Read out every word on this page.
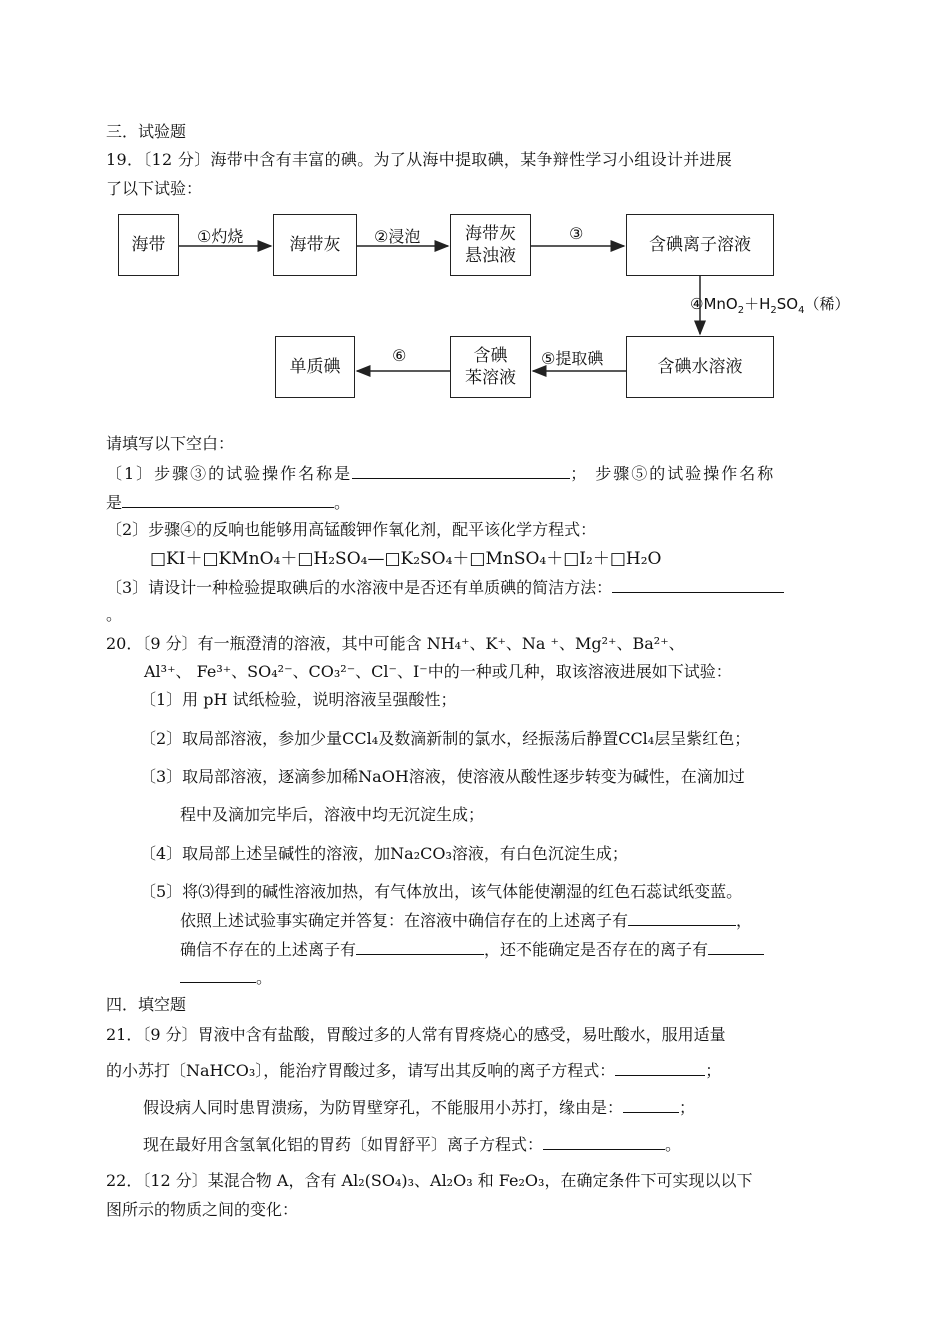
三．试验题
19．〔12 分〕海带中含有丰富的碘。为了从海中提取碘，某争辩性学习小组设计并进展
了以下试验：
海带	海带灰
海带灰
悬浊液
含碘离子溶液
含碘水溶液
含碘
苯溶液
单质碘
①灼烧	②浸泡	③
$④MnO_2+H_2SO_4$（稀）
⑤提取碘
⑥
请填写以下空白：
〔1〕步骤③的试验操作名称是	； 步骤⑤的试验操作名称
是	。
〔2〕步骤④的反响也能够用高锰酸钾作氧化剂，配平该化学方程式：
□KI＋□KMnO₄＋□H₂SO₄—□K₂SO₄＋□MnSO₄＋□I₂＋□H₂O
〔3〕请设计一种检验提取碘后的水溶液中是否还有单质碘的简洁方法：
。
20．〔9 分〕有一瓶澄清的溶液，其中可能含 NH₄⁺、K⁺、Na ⁺、Mg²⁺、Ba²⁺、
Al³⁺、 Fe³⁺、SO₄²⁻、CO₃²⁻、Cl⁻、I⁻中的一种或几种，取该溶液进展如下试验：
〔1〕用 pH 试纸检验，说明溶液呈强酸性；
〔2〕取局部溶液，参加少量CCl₄及数滴新制的氯水，经振荡后静置CCl₄层呈紫红色；
〔3〕取局部溶液，逐滴参加稀NaOH溶液，使溶液从酸性逐步转变为碱性，在滴加过
程中及滴加完毕后，溶液中均无沉淀生成；
〔4〕取局部上述呈碱性的溶液，加Na₂CO₃溶液，有白色沉淀生成；
〔5〕将⑶得到的碱性溶液加热，有气体放出，该气体能使潮湿的红色石蕊试纸变蓝。
依照上述试验事实确定并答复：在溶液中确信存在的上述离子有	，
确信不存在的上述离子有	，还不能确定是否存在的离子有
。
四．填空题
21．〔9 分〕胃液中含有盐酸，胃酸过多的人常有胃疼烧心的感受，易吐酸水，服用适量
的小苏打〔NaHCO₃〕，能治疗胃酸过多，请写出其反响的离子方程式：	；
假设病人同时患胃溃疡，为防胃壁穿孔，不能服用小苏打，缘由是：	；
现在最好用含氢氧化铝的胃药〔如胃舒平〕离子方程式：	。
22．〔12 分〕某混合物 A，含有 Al₂(SO₄)₃、Al₂O₃ 和 Fe₂O₃，在确定条件下可实现以以下
图所示的物质之间的变化：
